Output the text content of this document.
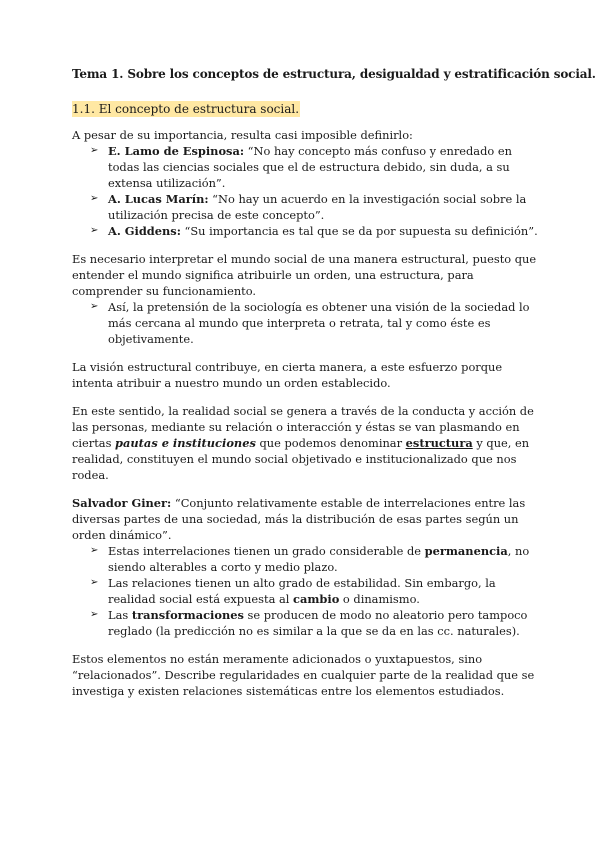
Tema 1. Sobre los conceptos de estructura, desigualdad y estratificación social.
1.1. El concepto de estructura social.

A pesar de su importancia, resulta casi imposible definirlo:

➢ E. Lamo de Espinosa: “No hay concepto más confuso y enredado en todas las ciencias sociales que el de estructura debido, sin duda, a su extensa utilización”.
➢ A. Lucas Marín: “No hay un acuerdo en la investigación social sobre la utilización precisa de este concepto”.
➢ A. Giddens: “Su importancia es tal que se da por supuesta su definición”.

Es necesario interpretar el mundo social de una manera estructural, puesto que entender el mundo significa atribuirle un orden, una estructura, para comprender su funcionamiento.

➢ Así, la pretensión de la sociología es obtener una visión de la sociedad lo más cercana al mundo que interpreta o retrata, tal y como éste es objetivamente.

La visión estructural contribuye, en cierta manera, a este esfuerzo porque intenta atribuir a nuestro mundo un orden establecido.

En este sentido, la realidad social se genera a través de la conducta y acción de las personas, mediante su relación o interacción y éstas se van plasmando en ciertas pautas e instituciones que podemos denominar estructura y que, en realidad, constituyen el mundo social objetivado e institucionalizado que nos rodea.

Salvador Giner: “Conjunto relativamente estable de interrelaciones entre las diversas partes de una sociedad, más la distribución de esas partes según un orden dinámico”.

➢ Estas interrelaciones tienen un grado considerable de permanencia, no siendo alterables a corto y medio plazo.
➢ Las relaciones tienen un alto grado de estabilidad. Sin embargo, la realidad social está expuesta al cambio o dinamismo.
➢ Las transformaciones se producen de modo no aleatorio pero tampoco reglado (la predicción no es similar a la que se da en las cc. naturales).

Estos elementos no están meramente adicionados o yuxtapuestos, sino “relacionados”. Describe regularidades en cualquier parte de la realidad que se investiga y existen relaciones sistemáticas entre los elementos estudiados.
